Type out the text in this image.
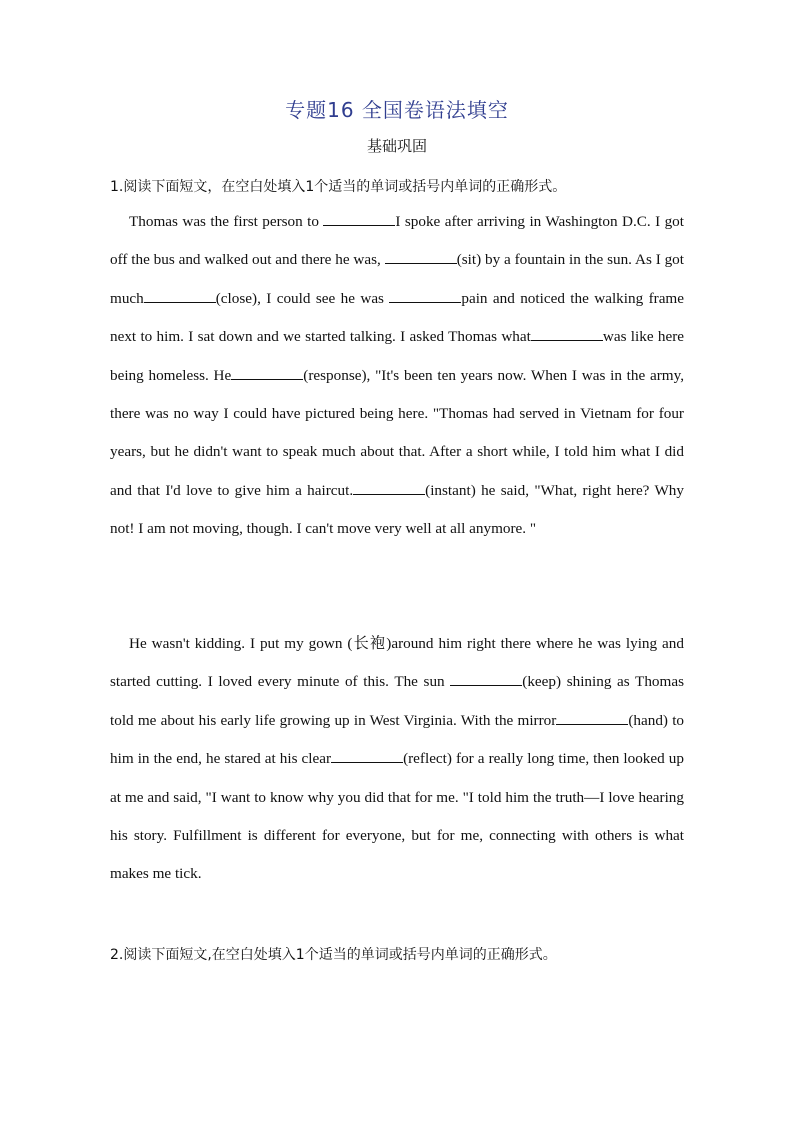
专题16 全国卷语法填空
基础巩固
1.阅读下面短文，在空白处填入1个适当的单词或括号内单词的正确形式。
Thomas was the first person to	I spoke after arriving in Washington D.C. I got off the bus and walked out and there he was,	(sit) by a fountain in the sun. As I got much	(close), I could see he was	pain and noticed the walking frame next to him. I sat down and we started talking. I asked Thomas what	was like here being homeless. He	(response), "It's been ten years now. When I was in the army, there was no way I could have pictured being here. "Thomas had served in Vietnam for four years, but he didn't want to speak much about that. After a short while, I told him what I did and that I'd love to give him a haircut.	(instant) he said, "What, right here? Why not! I am not moving, though. I can't move very well at all anymore. "
He wasn't kidding. I put my gown (长袍)around him right there where he was lying and started cutting. I loved every minute of this. The sun	(keep) shining as Thomas told me about his early life growing up in West Virginia. With the mirror	(hand) to him in the end, he stared at his clear	(reflect) for a really long time, then looked up at me and said, "I want to know why you did that for me. "I told him the truth—I love hearing his story. Fulfillment is different for everyone, but for me, connecting with others is what makes me tick.
2.阅读下面短文,在空白处填入1个适当的单词或括号内单词的正确形式。
